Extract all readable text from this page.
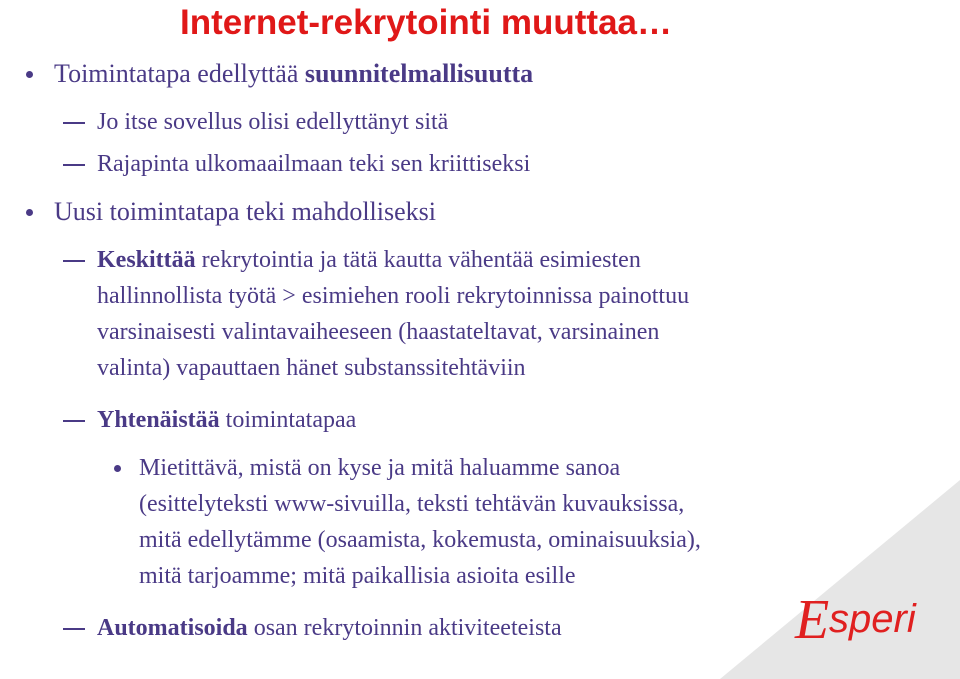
Internet-rekrytointi muuttaa…
Toimintatapa edellyttää suunnitelmallisuutta
Jo itse sovellus olisi edellyttänyt sitä
Rajapinta ulkomaailmaan teki sen kriittiseksi
Uusi toimintatapa teki mahdolliseksi
Keskittää rekrytointia ja tätä kautta vähentää esimiesten
hallinnollista työtä > esimiehen rooli rekrytoinnissa painottuu
varsinaisesti valintavaiheeseen (haastateltavat, varsinainen
valinta) vapauttaen hänet substanssitehtäviin
Yhtenäistää toimintatapaa
Mietittävä, mistä on kyse ja mitä haluamme sanoa
(esittelyteksti www-sivuilla, teksti tehtävän kuvauksissa,
mitä edellytämme (osaamista, kokemusta, ominaisuuksia),
mitä tarjoamme; mitä paikallisia asioita esille
Automatisoida osan rekrytoinnin aktiviteeteista	E speri
